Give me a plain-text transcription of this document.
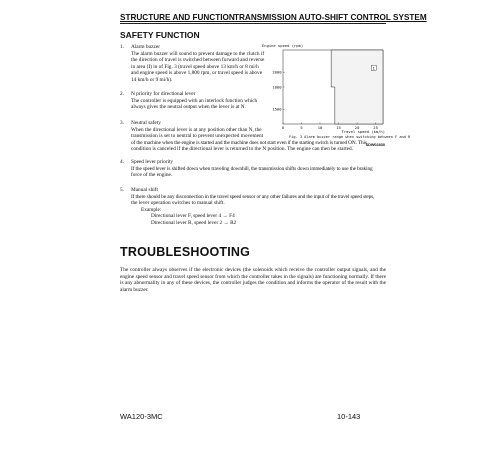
STRUCTURE AND FUNCTION TRANSMISSION AUTO-SHIFT CONTROL SYSTEM
SAFETY FUNCTION
1. Alarm buzzer
The alarm buzzer will sound to prevent damage to the clutch if
the direction of travel is switched between forward and reverse
in area (I) in of Fig. 3 (travel speed above 13 km/h or 8 mi/h
and engine speed is above 1,800 rpm, or travel speed is above
14 km/h or 9 mi/h).
2. N priority for directional lever
The controller is equipped with an interlock function which
always gives the neutral output when the lever is at N.
3. Neutral safety
When the directional lever is at any position other than N, the
transmission is set to neutral to prevent unexpected movement
of the machine when the engine is started and the machine does not start even if the starting switch is turned ON. This
condition is canceled if the directional lever is returned to the N position. The engine can then be started.
4. Speed lever priority
If the speed lever is shifted down when traveling downhill, the transmission shifts down immediately to use the braking
force of the engine.
5. Manual shift
If there should be any disconnection in the travel speed sensor or any other failures and the input of the travel speed steps,
the lever operation switches to manual shift.
Example:
Directional lever F, speed lever 4 → F4
Directional lever R, speed lever 2 → R2
Engine speed (rpm)
I
0	5	10	15	20	25
1500
1800
2000
Travel speed (km/h)
Fig. 3 Alarm buzzer range when switching between F and R
SDW02830
TROUBLESHOOTING
The controller always observes if the electronic devices (the solenoids which receive the controller output signals, and the engine speed sensor and travel speed sensor from which the controller takes in the signals) are functioning normally. If there is any abnormality in any of these devices, the controller judges the condition and informs the operator of the result with the alarm buzzer.
WA120-3MC	10-143
